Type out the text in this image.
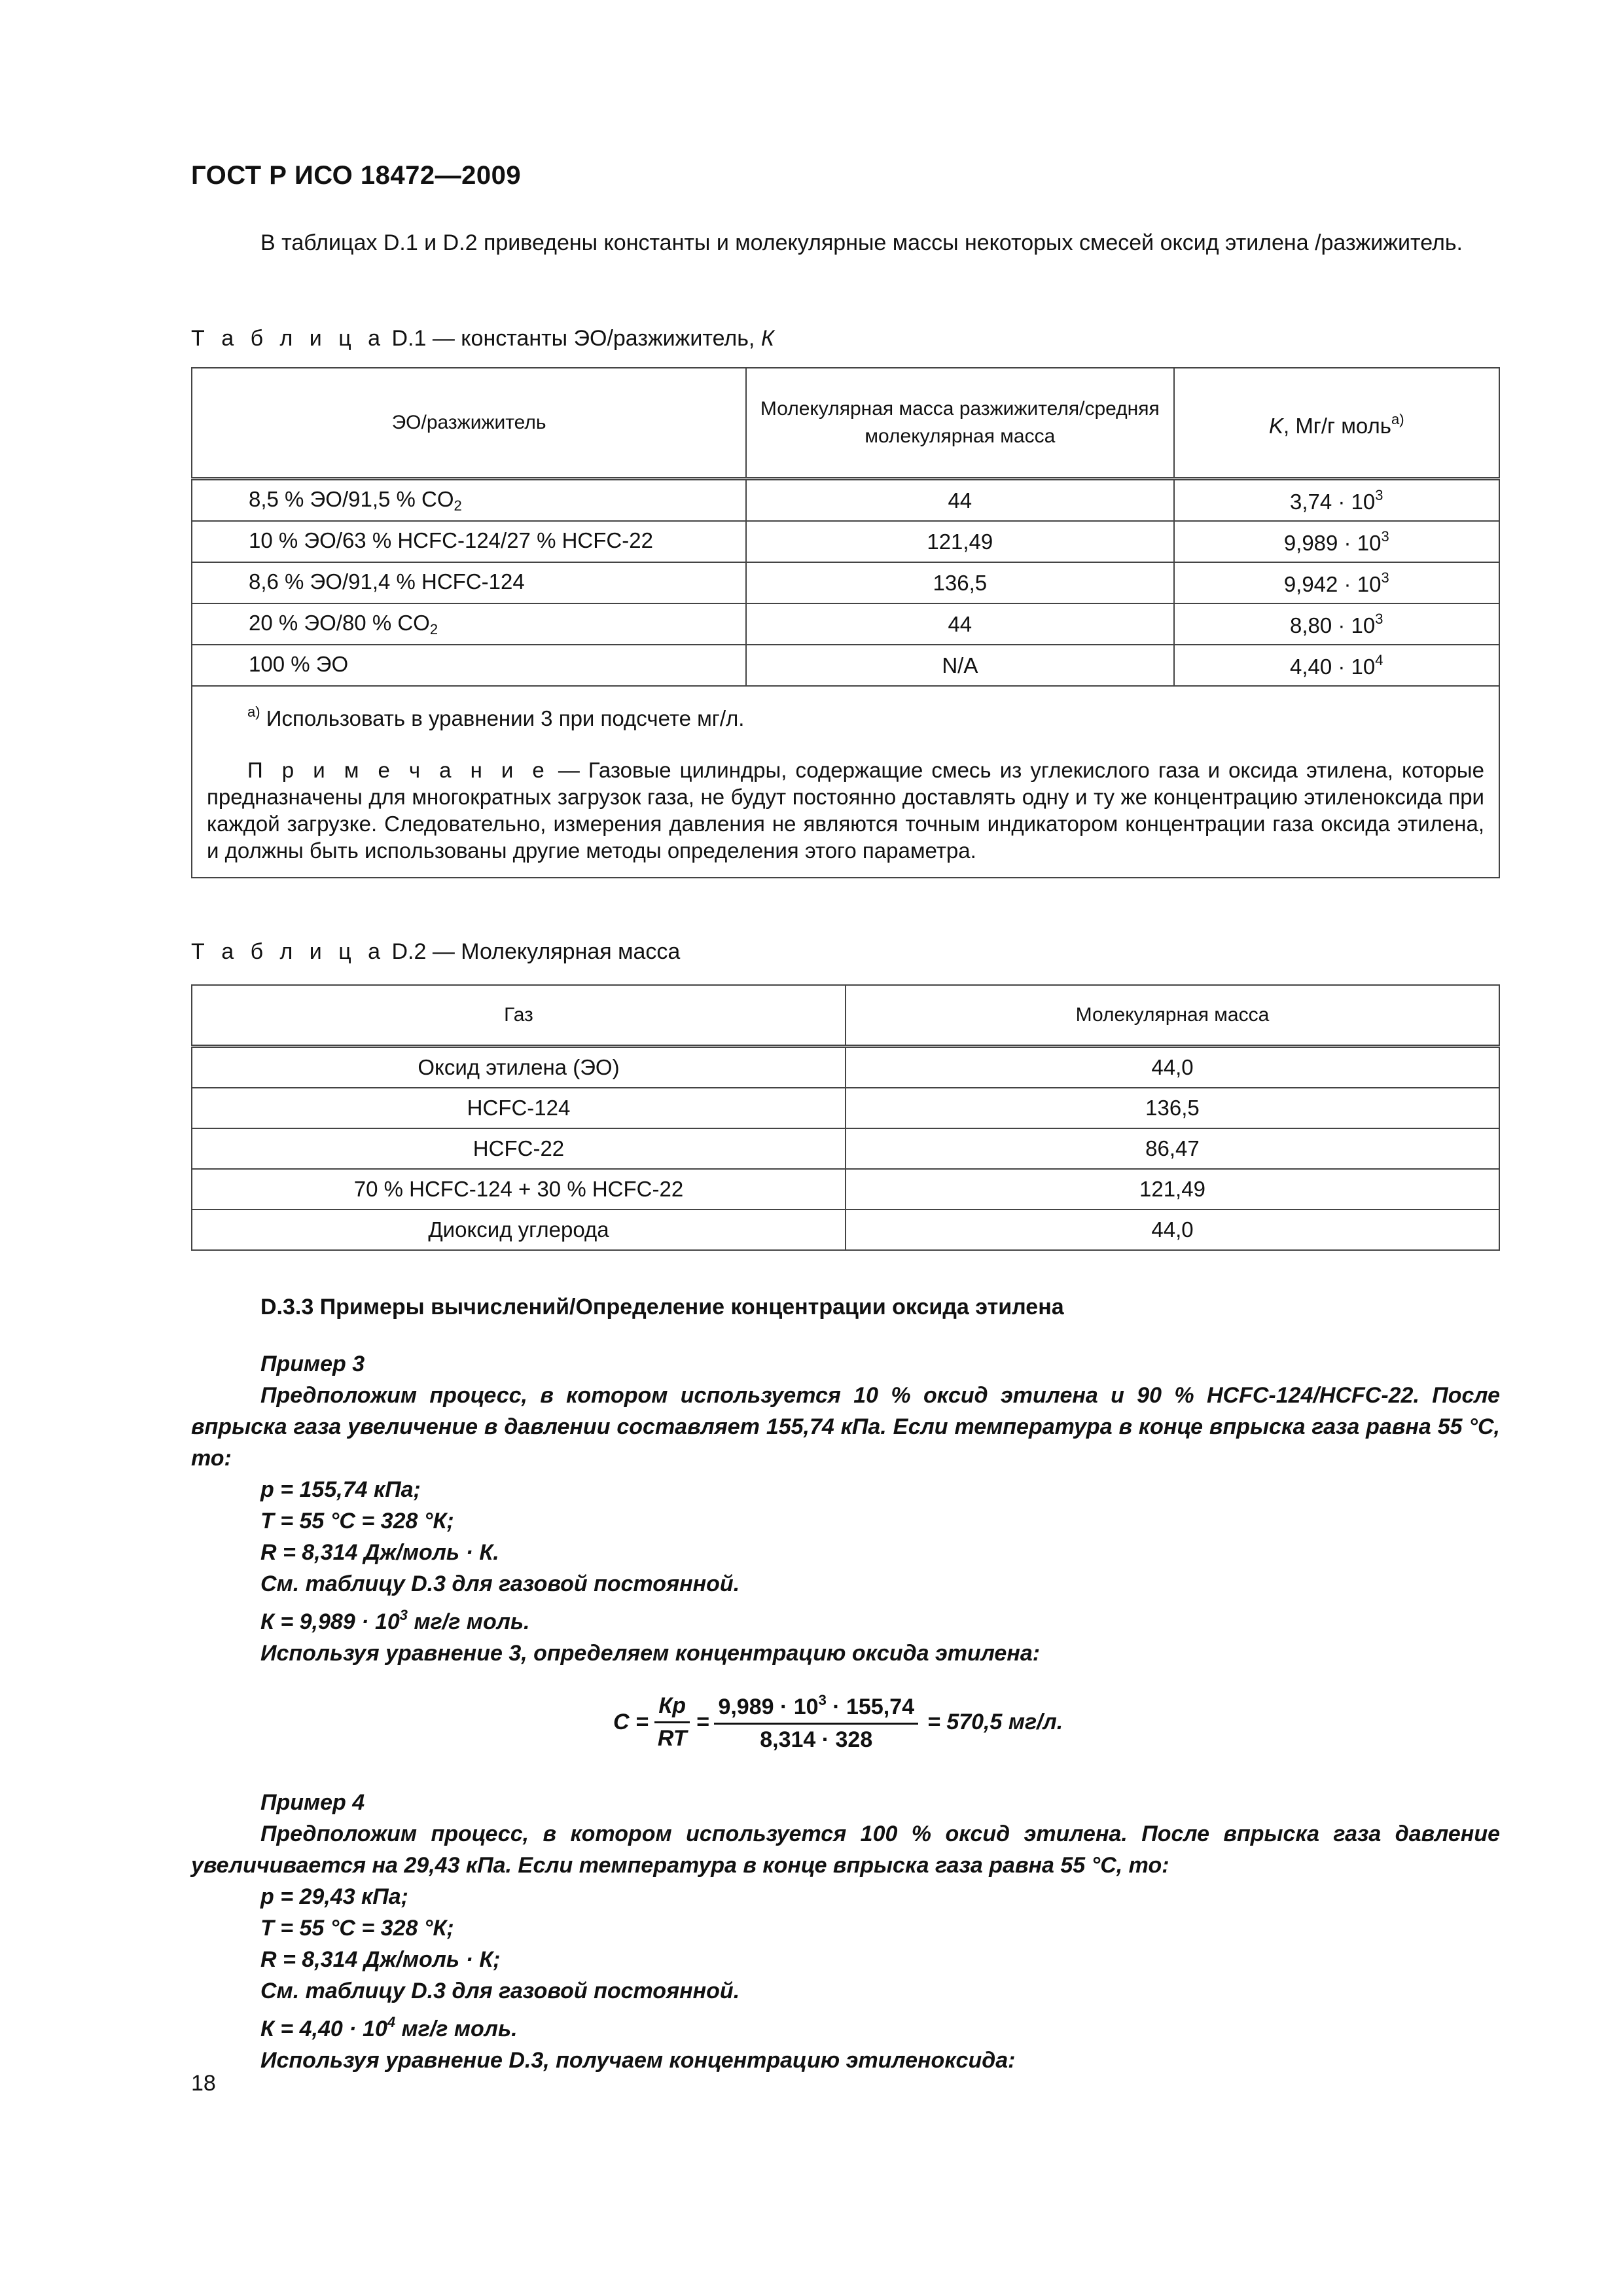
ГОСТ Р ИСО 18472—2009
В таблицах D.1 и D.2 приведены константы и молекулярные массы некоторых смесей оксид этилена /разжижитель.
Т а б л и ц а D.1 — константы ЭО/разжижитель, К
ЭО/разжижитель	Молекулярная масса разжижителя/средняя молекулярная масса	K, Мг/г моль$^{а)}$
8,5 % ЭО/91,5 % $CO_2$	44	$3,74 \cdot 10^3$
10 % ЭО/63 % HCFC-124/27 % HCFC-22	121,49	$9,989 \cdot 10^3$
8,6 % ЭО/91,4 % HCFC-124	136,5	$9,942 \cdot 10^3$
20 % ЭО/80 % $CO_2$	44	$8,80 \cdot 10^3$
100 % ЭО	N/A	$4,40 \cdot 10^4$

$^{а)}$ Использовать в уравнении 3 при подсчете мг/л.

П р и м е ч а н и е — Газовые цилиндры, содержащие смесь из углекислого газа и оксида этилена, которые предназначены для многократных загрузок газа, не будут постоянно доставлять одну и ту же концентрацию этиленоксида при каждой загрузке. Следовательно, измерения давления не являются точным индикатором концентрации газа оксида этилена, и должны быть использованы другие методы определения этого параметра.		

Т а б л и ц а D.2 — Молекулярная масса
Газ	Молекулярная масса
Оксид этилена (ЭО)	44,0
HCFC-124	136,5
HCFC-22	86,47
70 % HCFC-124 + 30 % HCFC-22	121,49
Диоксид углерода	44,0
D.3.3 Примеры вычислений/Определение концентрации оксида этилена
Пример 3
Предположим процесс, в котором используется 10 % оксид этилена и 90 % HCFC-124/HCFC-22. После впрыска газа увеличение в давлении составляет 155,74 кПа. Если температура в конце впрыска газа равна 55 °С, то:
р = 155,74 кПа;
Т = 55 °С = 328 °К;
R = 8,314 Дж/моль · К.
См. таблицу D.3 для газовой постоянной.
$К = 9,989 \cdot 10^3$ мг/г моль.
Используя уравнение 3, определяем концентрацию оксида этилена:
$С = \frac{Кр}{RT} = \frac{9,989 \cdot 10^3 \cdot 155,74}{8,314 \cdot 328} = 570,5$ мг/л.
Пример 4
Предположим процесс, в котором используется 100 % оксид этилена. После впрыска газа давление увеличивается на 29,43 кПа. Если температура в конце впрыска газа равна 55 °С, то:
р = 29,43 кПа;
Т = 55 °С = 328 °К;
R = 8,314 Дж/моль · К;
См. таблицу D.3 для газовой постоянной.
$К = 4,40 \cdot 10^4$ мг/г моль.
Используя уравнение D.3, получаем концентрацию этиленоксида:
18
